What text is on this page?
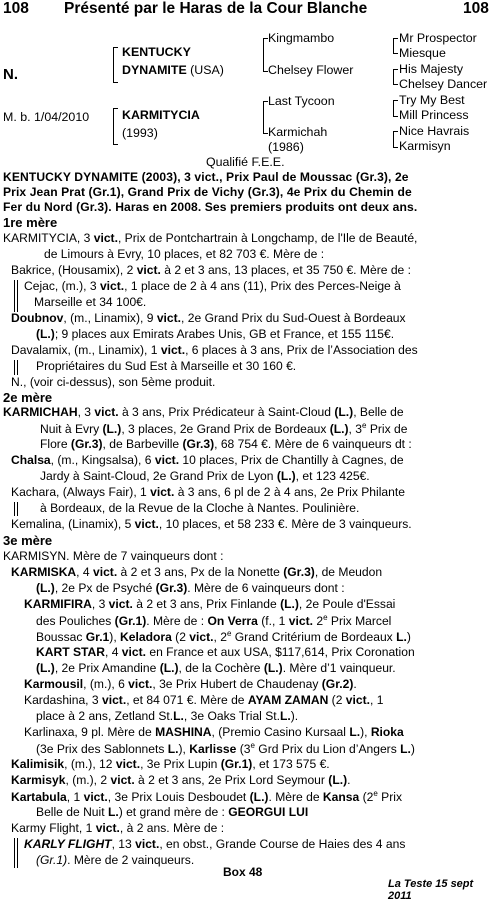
108 Présenté par le Haras de la Cour Blanche	108
N.
M. b. 1/04/2010
KENTUCKY
DYNAMITE (USA)
KARMITYCIA
(1993)
Kingmambo
Chelsey Flower
Last Tycoon
Karmichah
(1986)
Mr Prospector
Miesque
His Majesty
Chelsey Dancer
Try My Best
Mill Princess
Nice Havrais
Karmisyn
Qualifié F.E.E.
KENTUCKY DYNAMITE (2003), 3 vict., Prix Paul de Moussac (Gr.3), 2e
Prix Jean Prat (Gr.1), Grand Prix de Vichy (Gr.3), 4e Prix du Chemin de
Fer du Nord (Gr.3). Haras en 2008. Ses premiers produits ont deux ans.
1re mère
KARMITYCIA, 3 vict., Prix de Pontchartrain à Longchamp, de l'Ile de Beauté,
de Limours à Evry, 10 places, et 82 703 €. Mère de :
Bakrice, (Housamix), 2 vict. à 2 et 3 ans, 13 places, et 35 750 €. Mère de :
Cejac, (m.), 3 vict., 1 place de 2 à 4 ans (11), Prix des Perces-Neige à
Marseille et 34 100€.
Doubnov, (m., Linamix), 9 vict., 2e Grand Prix du Sud-Ouest à Bordeaux
(L.); 9 places aux Emirats Arabes Unis, GB et France, et 155 115€.
Davalamix, (m., Linamix), 1 vict., 6 places à 3 ans, Prix de l’Association des
Propriétaires du Sud Est à Marseille et 30 160 €.
N., (voir ci-dessus), son 5ème produit.
2e mère
KARMICHAH, 3 vict. à 3 ans, Prix Prédicateur à Saint-Cloud (L.), Belle de
Nuit à Evry (L.), 3 places, 2e Grand Prix de Bordeaux (L.), 3e Prix de
Flore (Gr.3), de Barbeville (Gr.3), 68 754 €. Mère de 6 vainqueurs dt :
Chalsa, (m., Kingsalsa), 6 vict. 10 places, Prix de Chantilly à Cagnes, de
Jardy à Saint-Cloud, 2e Grand Prix de Lyon (L.), et 123 425€.
Kachara, (Always Fair), 1 vict. à 3 ans, 6 pl de 2 à 4 ans, 2e Prix Philante
à Bordeaux, de la Revue de la Cloche à Nantes. Poulinière.
Kemalina, (Linamix), 5 vict., 10 places, et 58 233 €. Mère de 3 vainqueurs.
3e mère
KARMISYN. Mère de 7 vainqueurs dont :
KARMISKA, 4 vict. à 2 et 3 ans, Px de la Nonette (Gr.3), de Meudon
(L.), 2e Px de Psyché (Gr.3). Mère de 6 vainqueurs dont :
KARMIFIRA, 3 vict. à 2 et 3 ans, Prix Finlande (L.), 2e Poule d'Essai
des Pouliches (Gr.1). Mère de : On Verra (f., 1 vict. 2e Prix Marcel
Boussac Gr.1), Keladora (2 vict., 2e Grand Critérium de Bordeaux L.)
KART STAR, 4 vict. en France et aux USA, $117,614, Prix Coronation
(L.), 2e Prix Amandine (L.), de la Cochère (L.). Mère d’1 vainqueur.
Karmousil, (m.), 6 vict., 3e Prix Hubert de Chaudenay (Gr.2).
Kardashina, 3 vict., et 84 071 €. Mère de AYAM ZAMAN (2 vict., 1
place à 2 ans, Zetland St.L., 3e Oaks Trial St.L.).
Karlinaxa, 9 pl. Mère de MASHINA, (Premio Casino Kursaal L.), Rioka
(3e Prix des Sablonnets L.), Karlisse (3e Grd Prix du Lion d’Angers L.)
Kalimisik, (m.), 12 vict., 3e Prix Lupin (Gr.1), et 173 575 €.
Karmisyk, (m.), 2 vict. à 2 et 3 ans, 2e Prix Lord Seymour (L.).
Kartabula, 1 vict., 3e Prix Louis Desboudet (L.). Mère de Kansa (2e Prix
Belle de Nuit L.) et grand mère de : GEORGUI LUI
Karmy Flight, 1 vict., à 2 ans. Mère de :
KARLY FLIGHT, 13 vict., en obst., Grande Course de Haies des 4 ans
(Gr.1). Mère de 2 vainqueurs.
Box 48
La Teste 15 sept 2011
